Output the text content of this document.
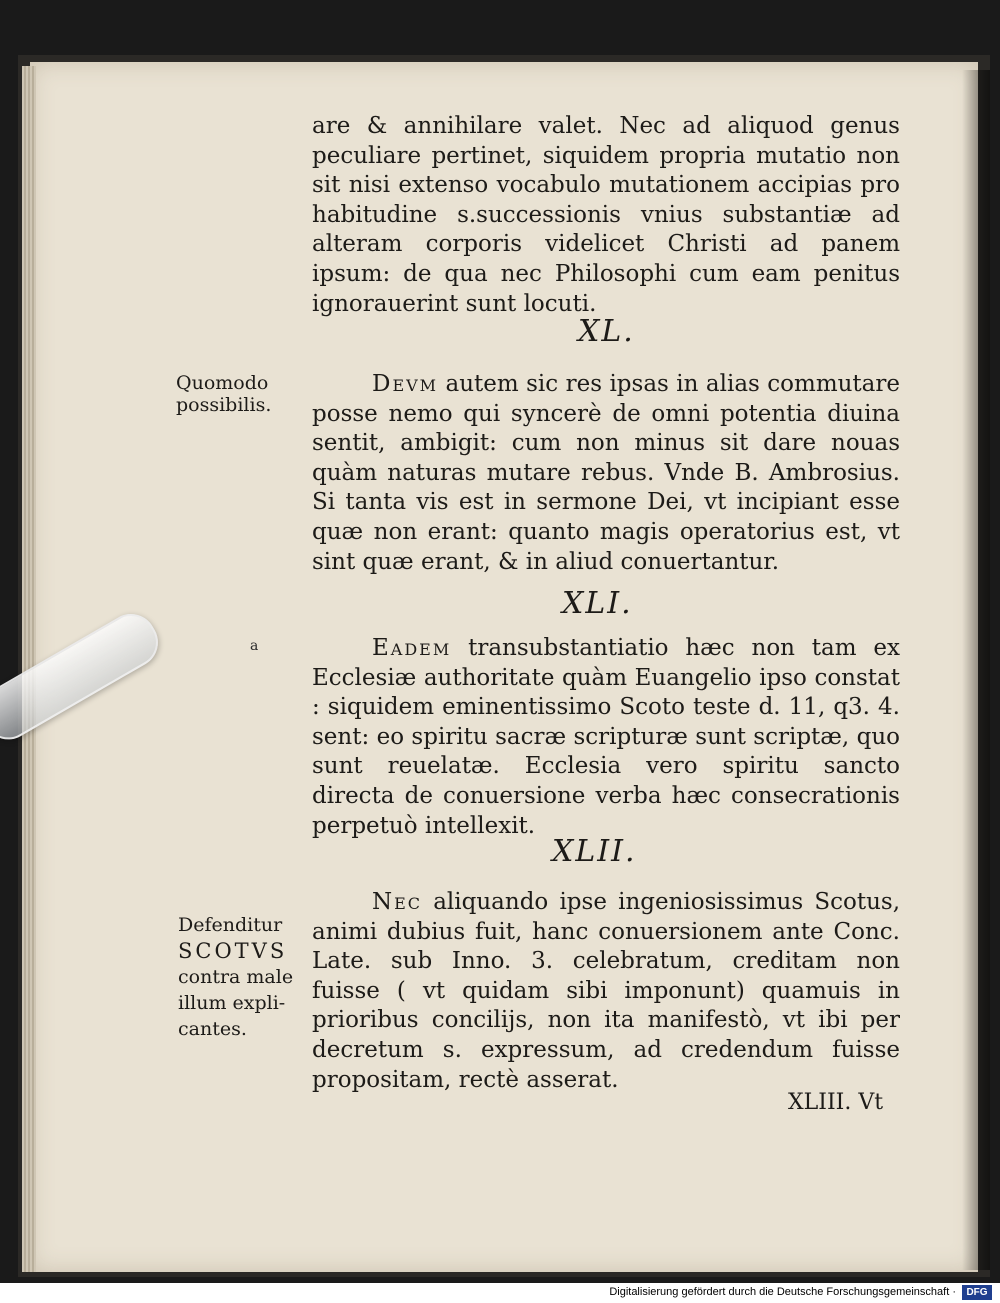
are & annihilare valet. Nec ad aliquod genus peculiare pertinet, siquidem propria mutatio non sit nisi extenso vocabulo mutationem accipias pro habitudine s.successionis vnius substantiæ ad alteram corporis videlicet Christi ad panem ipsum: de qua nec Philosophi cum eam penitus ignorauerint sunt locuti.

XL.
Quomodo possibilis.

Devm autem sic res ipsas in alias commutare posse nemo qui syncerè de omni potentia diuina sentit, ambigit: cum non minus sit dare nouas quàm naturas mutare rebus. Vnde B. Ambrosius. Si tanta vis est in sermone Dei, vt incipiant esse quæ non erant: quanto magis operatorius est, vt sint quæ erant, & in aliud conuertantur.

XLI.
a	Eadem transubstantiatio hæc non tam ex Ecclesiæ authoritate quàm Euangelio ipso constat : siquidem eminentissimo Scoto teste d. 11, q3. 4. sent: eo spiritu sacræ scripturæ sunt scriptæ, quo sunt reuelatæ. Ecclesia vero spiritu sancto directa de conuersione verba hæc consecrationis perpetuò intellexit.

XLII.
Defenditur
SCOTVS
contra male
illum expli-
cantes.

Nec aliquando ipse ingeniosissimus Scotus, animi dubius fuit, hanc conuersionem ante Conc. Late. sub Inno. 3. celebratum, creditam non fuisse ( vt quidam sibi imponunt) quamuis in prioribus concilijs, non ita manifestò, vt ibi per decretum s. expressum, ad credendum fuisse propositam, rectè asserat.

XLIII. Vt
Digitalisierung gefördert durch die Deutsche Forschungsgemeinschaft ·	DFG
